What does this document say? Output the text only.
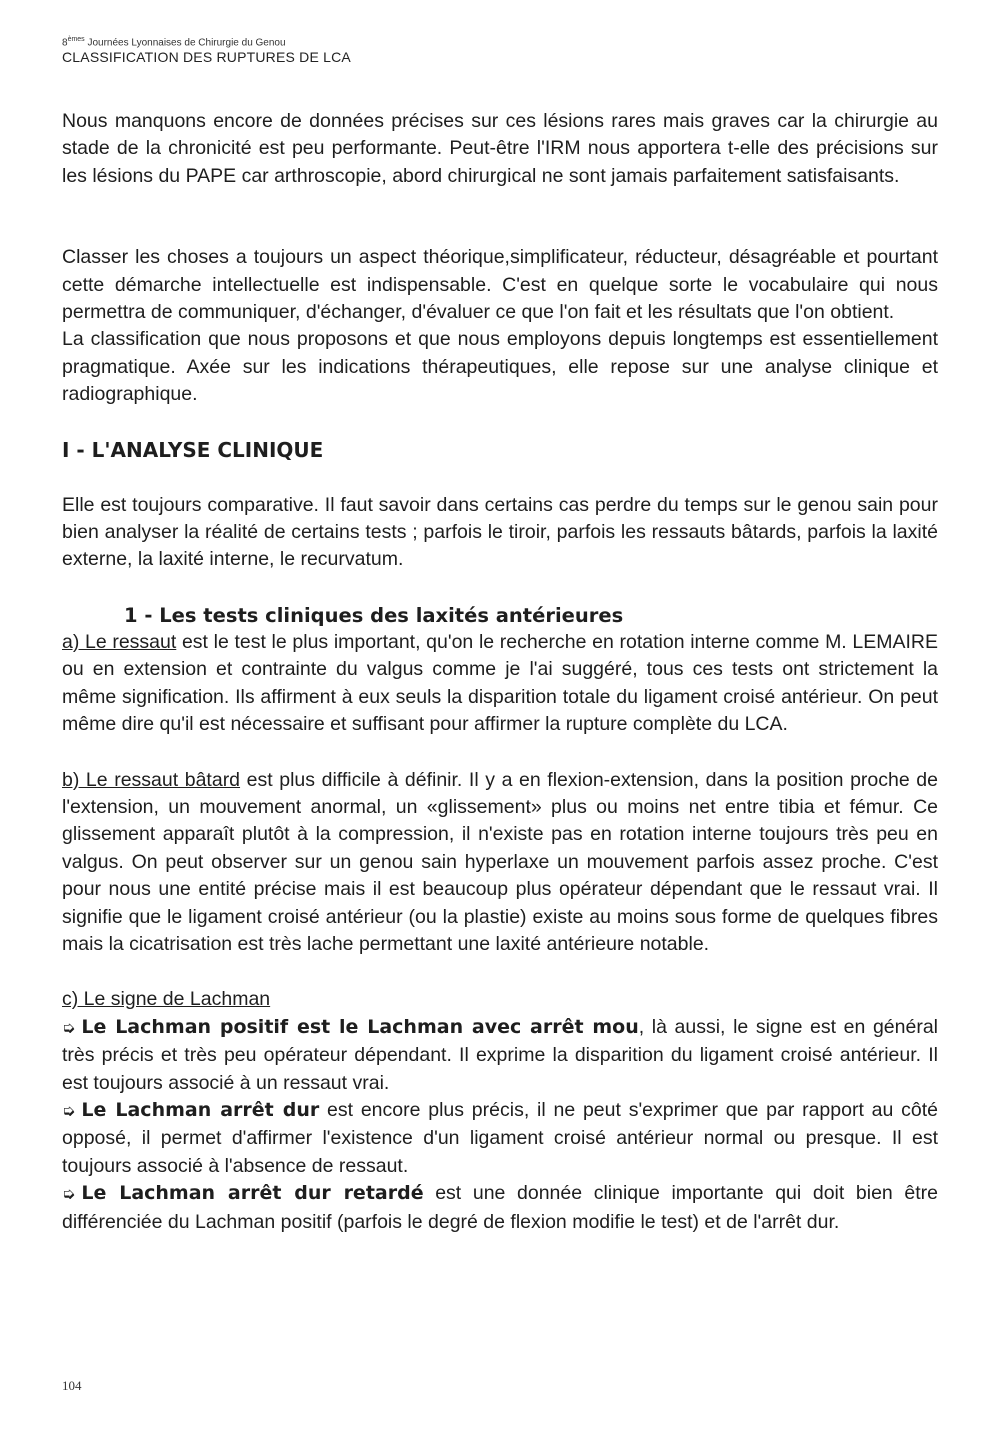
8èmes Journées Lyonnaises de Chirurgie du Genou
CLASSIFICATION DES RUPTURES DE LCA

Nous manquons encore de données précises sur ces lésions rares mais graves car la chirurgie au stade de la chronicité est peu performante. Peut-être l'IRM nous apportera t-elle des précisions sur les lésions du PAPE car arthroscopie, abord chirurgical ne sont jamais parfaitement satisfaisants.

Classer les choses a toujours un aspect théorique,simplificateur, réducteur, désagréable et pourtant cette démarche intellectuelle est indispensable. C'est en quelque sorte le vocabulaire qui nous permettra de communiquer, d'échanger, d'évaluer ce que l'on fait et les résultats que l'on obtient.

La classification que nous proposons et que nous employons depuis longtemps est essentiellement pragmatique. Axée sur les indications thérapeutiques, elle repose sur une analyse clinique et radiographique.

I - L'ANALYSE CLINIQUE

Elle est toujours comparative. Il faut savoir dans certains cas perdre du temps sur le genou sain pour bien analyser la réalité de certains tests ; parfois le tiroir, parfois les ressauts bâtards, parfois la laxité externe, la laxité interne, le recurvatum.

1 - Les tests cliniques des laxités antérieures

a) Le ressaut est le test le plus important, qu'on le recherche en rotation interne comme M. LEMAIRE ou en extension et contrainte du valgus comme je l'ai suggéré, tous ces tests ont strictement la même signification. Ils affirment à eux seuls la disparition totale du ligament croisé antérieur. On peut même dire qu'il est nécessaire et suffisant pour affirmer la rupture complète du LCA.

b) Le ressaut bâtard est plus difficile à définir. Il y a en flexion-extension, dans la position proche de l'extension, un mouvement anormal, un «glissement» plus ou moins net entre tibia et fémur. Ce glissement apparaît plutôt à la compression, il n'existe pas en rotation interne toujours très peu en valgus. On peut observer sur un genou sain hyperlaxe un mouvement parfois assez proche. C'est pour nous une entité précise mais il est beaucoup plus opérateur dépendant que le ressaut vrai. Il signifie que le ligament croisé antérieur (ou la plastie) existe au moins sous forme de quelques fibres mais la cicatrisation est très lache permettant une laxité antérieure notable.

c) Le signe de Lachman

➭ Le Lachman positif est le Lachman avec arrêt mou, là aussi, le signe est en général très précis et très peu opérateur dépendant. Il exprime la disparition du ligament croisé antérieur. Il est toujours associé à un ressaut vrai.

➭ Le Lachman arrêt dur est encore plus précis, il ne peut s'exprimer que par rapport au côté opposé, il permet d'affirmer l'existence d'un ligament croisé antérieur normal ou presque. Il est toujours associé à l'absence de ressaut.

➭ Le Lachman arrêt dur retardé est une donnée clinique importante qui doit bien être différenciée du Lachman positif (parfois le degré de flexion modifie le test) et de l'arrêt dur.

104
